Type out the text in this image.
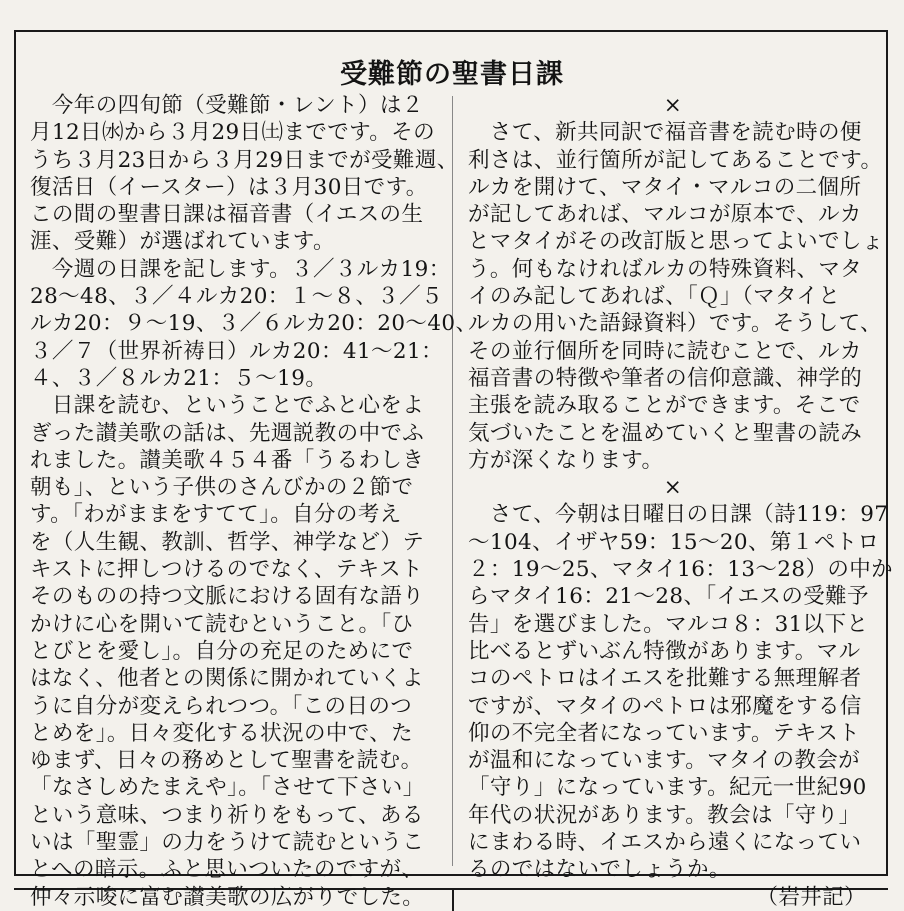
受難節の聖書日課
　今年の四旬節（受難節・レント）は２
月12日㈬から３月29日㈯までです。その
うち３月23日から３月29日までが受難週、
復活日（イースター）は３月30日です。
この間の聖書日課は福音書（イエスの生
涯、受難）が選ばれています。
　今週の日課を記します。３／３ルカ19：
28〜48、３／４ルカ20：１〜８、３／５
ルカ20：９〜19、３／６ルカ20：20〜40、
３／７（世界祈祷日）ルカ20：41〜21：
４、３／８ルカ21：５〜19。
　日課を読む、ということでふと心をよ
ぎった讃美歌の話は、先週説教の中でふ
れました。讃美歌４５４番「うるわしき
朝も」、という子供のさんびかの２節で
す。「わがままをすてて」。自分の考え
を（人生観、教訓、哲学、神学など）テ
キストに押しつけるのでなく、テキスト
そのものの持つ文脈における固有な語り
かけに心を開いて読むということ。「ひ
とびとを愛し」。自分の充足のためにで
はなく、他者との関係に開かれていくよ
うに自分が変えられつつ。「この日のつ
とめを」。日々変化する状況の中で、た
ゆまず、日々の務めとして聖書を読む。
「なさしめたまえや」。「させて下さい」
という意味、つまり祈りをもって、ある
いは「聖霊」の力をうけて読むというこ
とへの暗示。ふと思いついたのですが、
仲々示唆に富む讃美歌の広がりでした。
×
　さて、新共同訳で福音書を読む時の便
利さは、並行箇所が記してあることです。
ルカを開けて、マタイ・マルコの二個所
が記してあれば、マルコが原本で、ルカ
とマタイがその改訂版と思ってよいでしょ
う。何もなければルカの特殊資料、マタ
イのみ記してあれば、「Ｑ」（マタイと
ルカの用いた語録資料）です。そうして、
その並行個所を同時に読むことで、ルカ
福音書の特徴や筆者の信仰意識、神学的
主張を読み取ることができます。そこで
気づいたことを温めていくと聖書の読み
方が深くなります。
×
　さて、今朝は日曜日の日課（詩119：97
〜104、イザヤ59：15〜20、第１ペトロ
２：19〜25、マタイ16：13〜28）の中か
らマタイ16：21〜28、「イエスの受難予
告」を選びました。マルコ８：31以下と
比べるとずいぶん特徴があります。マル
コのペトロはイエスを批難する無理解者
ですが、マタイのペトロは邪魔をする信
仰の不完全者になっています。テキスト
が温和になっています。マタイの教会が
「守り」になっています。紀元一世紀90
年代の状況があります。教会は「守り」
にまわる時、イエスから遠くになってい
るのではないでしょうか。
（岩井記）
